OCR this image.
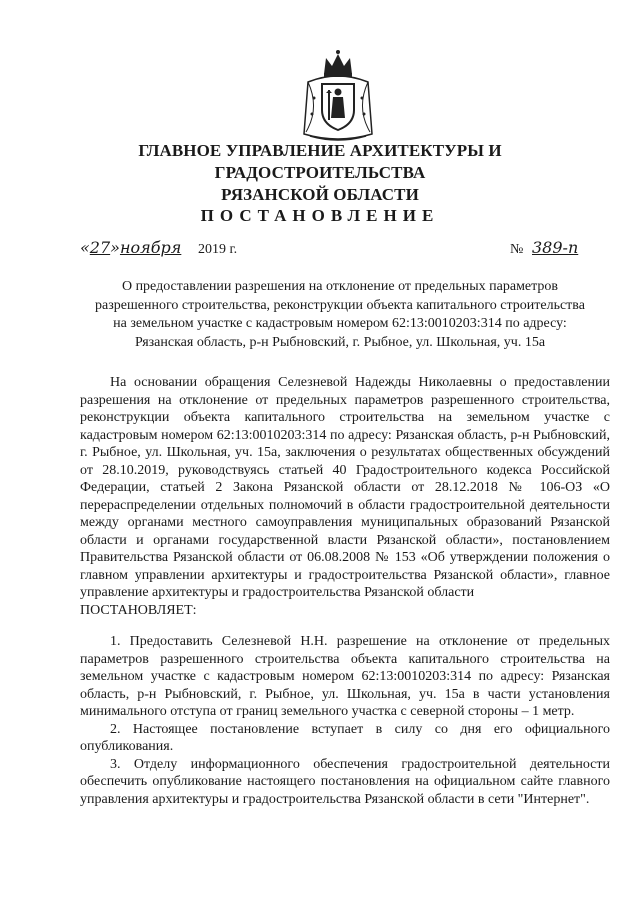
ГЛАВНОЕ УПРАВЛЕНИЕ АРХИТЕКТУРЫ И ГРАДОСТРОИТЕЛЬСТВА
РЯЗАНСКОЙ ОБЛАСТИ
ПОСТАНОВЛЕНИЕ
«27»ноября 2019 г.	№ 389-п
О предоставлении разрешения на отклонение от предельных параметров
разрешенного строительства, реконструкции объекта капитального строительства
на земельном участке с кадастровым номером 62:13:0010203:314 по адресу:
Рязанская область, р-н Рыбновский, г. Рыбное, ул. Школьная, уч. 15а

На основании обращения Селезневой Надежды Николаевны о предоставлении разрешения на отклонение от предельных параметров разрешенного строительства, реконструкции объекта капитального строительства на земельном участке с кадастровым номером 62:13:0010203:314 по адресу: Рязанская область, р-н Рыбновский, г. Рыбное, ул. Школьная, уч. 15а, заключения о результатах общественных обсуждений от 28.10.2019, руководствуясь статьей 40 Градостроительного кодекса Российской Федерации, статьей 2 Закона Рязанской области от 28.12.2018 № 106-ОЗ «О перераспределении отдельных полномочий в области градостроительной деятельности между органами местного самоуправления муниципальных образований Рязанской области и органами государственной власти Рязанской области», постановлением Правительства Рязанской области от 06.08.2008 № 153 «Об утверждении положения о главном управлении архитектуры и градостроительства Рязанской области», главное управление архитектуры и градостроительства Рязанской области

ПОСТАНОВЛЯЕТ:

1. Предоставить Селезневой Н.Н. разрешение на отклонение от предельных параметров разрешенного строительства объекта капитального строительства на земельном участке с кадастровым номером 62:13:0010203:314 по адресу: Рязанская область, р-н Рыбновский, г. Рыбное, ул. Школьная, уч. 15а в части установления минимального отступа от границ земельного участка с северной стороны – 1 метр.

2. Настоящее постановление вступает в силу со дня его официального опубликования.

3. Отделу информационного обеспечения градостроительной деятельности обеспечить опубликование настоящего постановления на официальном сайте главного управления архитектуры и градостроительства Рязанской области в сети "Интернет".
